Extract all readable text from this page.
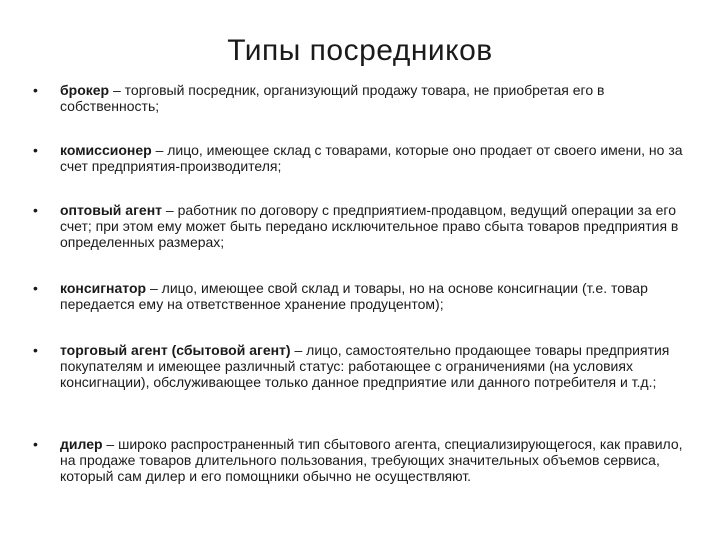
Типы посредников
• брокер – торговый посредник, организующий продажу товара, не приобретая его в собственность;
• комиссионер – лицо, имеющее склад с товарами, которые оно продает от своего имени, но за счет предприятия-производителя;
• оптовый агент – работник по договору с предприятием-продавцом, ведущий операции за его счет; при этом ему может быть передано исключительное право сбыта товаров предприятия в определенных размерах;
• консигнатор – лицо, имеющее свой склад и товары, но на основе консигнации (т.е. товар передается ему на ответственное хранение продуцентом);
• торговый агент (сбытовой агент) – лицо, самостоятельно продающее товары предприятия покупателям и имеющее различный статус: работающее с ограничениями (на условиях консигнации), обслуживающее только данное предприятие или данного потребителя и т.д.;
• дилер – широко распространенный тип сбытового агента, специализирующегося, как правило, на продаже товаров длительного пользования, требующих значительных объемов сервиса, который сам дилер и его помощники обычно не осуществляют.
